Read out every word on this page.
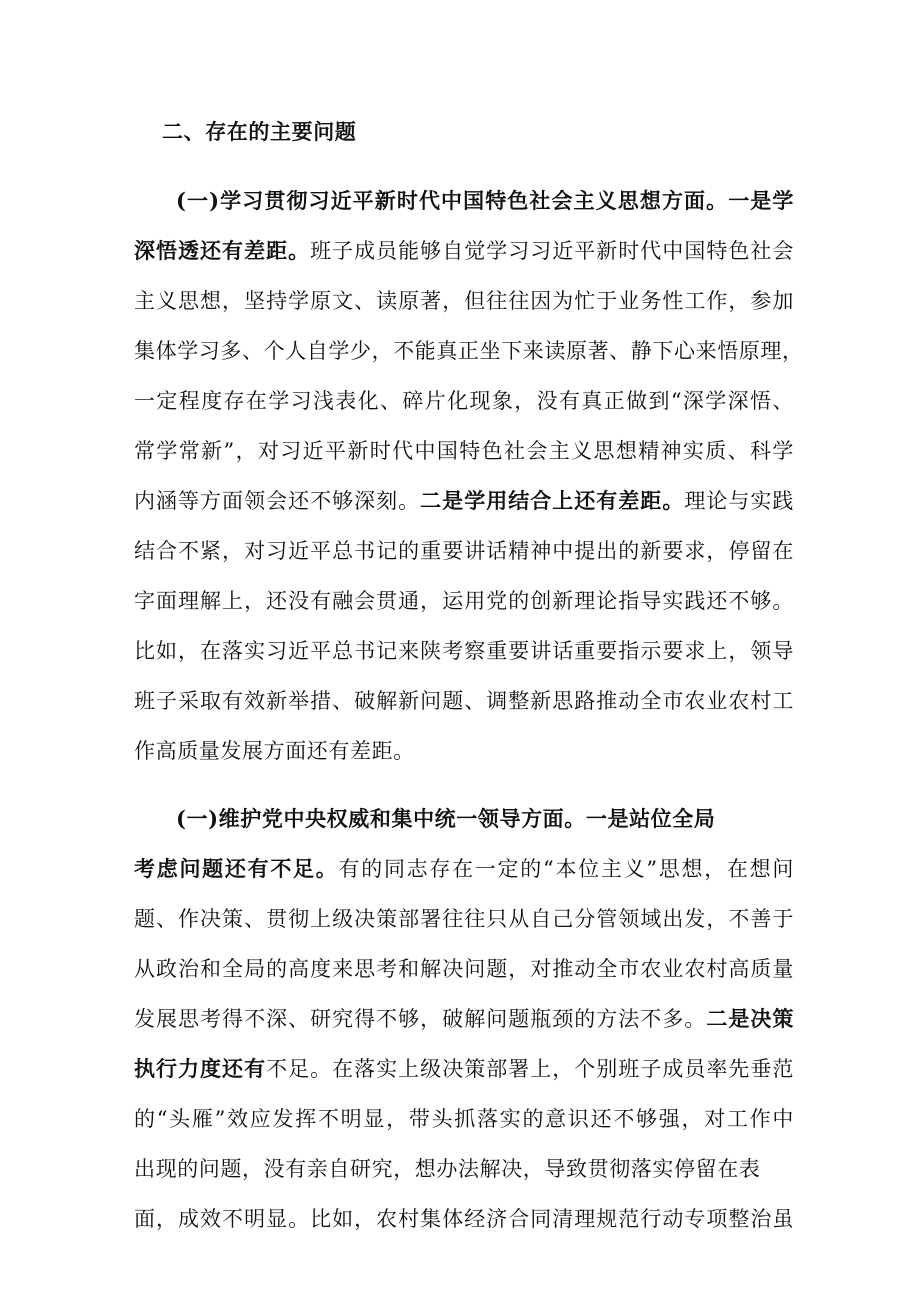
二、存在的主要问题
(一)学习贯彻习近平新时代中国特色社会主义思想方面。一是学
深悟透还有差距。班子成员能够自觉学习习近平新时代中国特色社会
主义思想，坚持学原文、读原著，但往往因为忙于业务性工作，参加
集体学习多、个人自学少，不能真正坐下来读原著、静下心来悟原理，
一定程度存在学习浅表化、碎片化现象，没有真正做到“深学深悟、
常学常新”，对习近平新时代中国特色社会主义思想精神实质、科学
内涵等方面领会还不够深刻。二是学用结合上还有差距。理论与实践
结合不紧，对习近平总书记的重要讲话精神中提出的新要求，停留在
字面理解上，还没有融会贯通，运用党的创新理论指导实践还不够。
比如，在落实习近平总书记来陕考察重要讲话重要指示要求上，领导
班子采取有效新举措、破解新问题、调整新思路推动全市农业农村工
作高质量发展方面还有差距。
(一)维护党中央权威和集中统一领导方面。一是站位全局
考虑问题还有不足。有的同志存在一定的“本位主义”思想，在想问
题、作决策、贯彻上级决策部署往往只从自己分管领域出发，不善于
从政治和全局的高度来思考和解决问题，对推动全市农业农村高质量
发展思考得不深、研究得不够，破解问题瓶颈的方法不多。二是决策
执行力度还有不足。在落实上级决策部署上，个别班子成员率先垂范
的“头雁”效应发挥不明显，带头抓落实的意识还不够强，对工作中
出现的问题，没有亲自研究，想办法解决，导致贯彻落实停留在表
面，成效不明显。比如，农村集体经济合同清理规范行动专项整治虽
